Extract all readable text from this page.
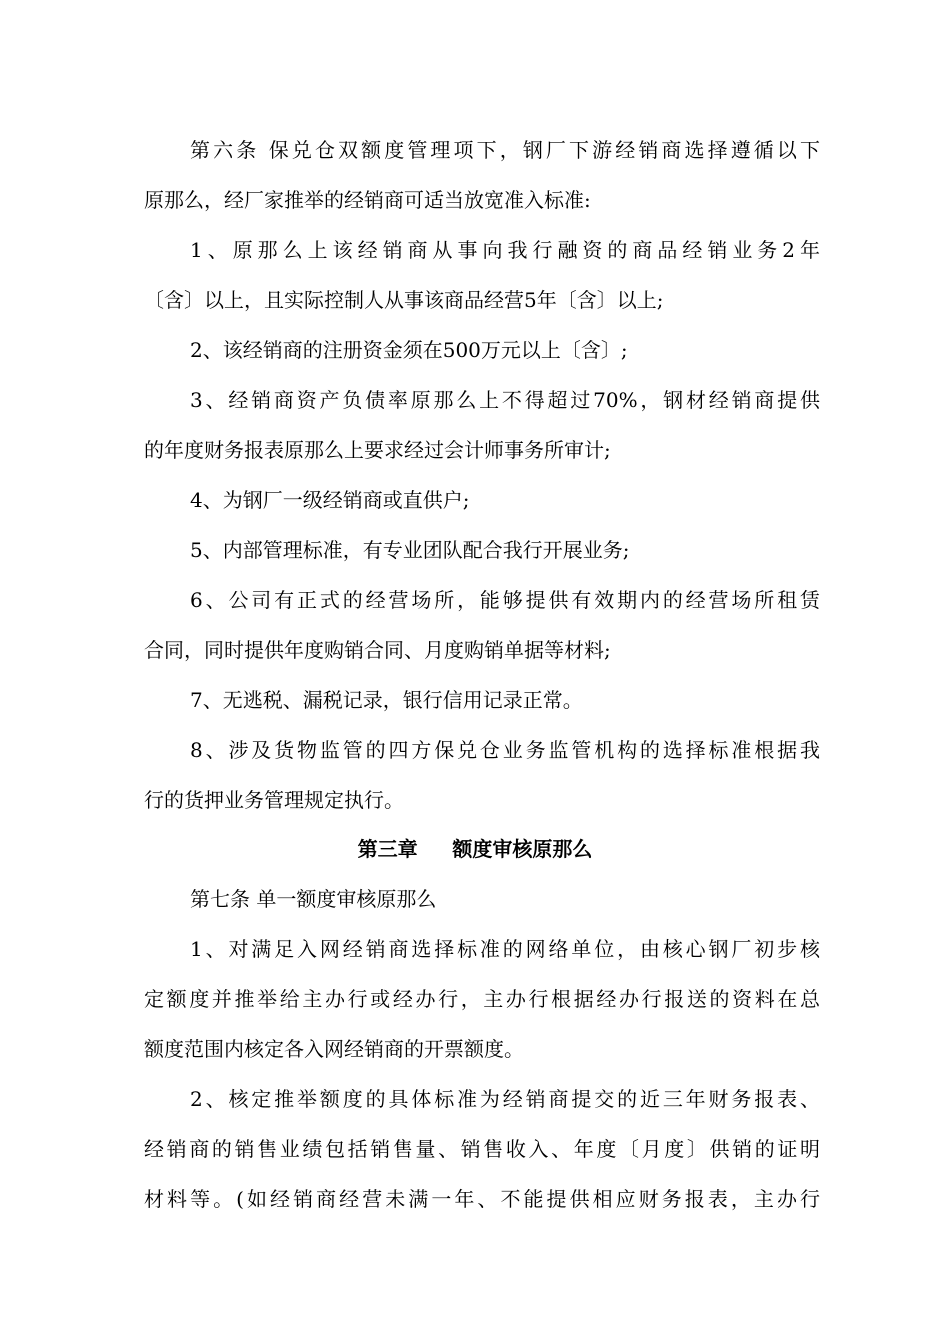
第六条 保兑仓双额度管理项下，钢厂下游经销商选择遵循以下
原那么，经厂家推举的经销商可适当放宽准入标准:
1、原那么上该经销商从事向我行融资的商品经销业务2年
〔含〕以上，且实际控制人从事该商品经营5年〔含〕以上;
2、该经销商的注册资金须在500万元以上〔含〕;
3、经销商资产负债率原那么上不得超过70%，钢材经销商提供
的年度财务报表原那么上要求经过会计师事务所审计;
4、为钢厂一级经销商或直供户;
5、内部管理标准，有专业团队配合我行开展业务;
6、公司有正式的经营场所，能够提供有效期内的经营场所租赁
合同，同时提供年度购销合同、月度购销单据等材料;
7、无逃税、漏税记录，银行信用记录正常。
8、涉及货物监管的四方保兑仓业务监管机构的选择标准根据我
行的货押业务管理规定执行。
第三章     额度审核原那么
第七条 单一额度审核原那么
1、对满足入网经销商选择标准的网络单位，由核心钢厂初步核
定额度并推举给主办行或经办行，主办行根据经办行报送的资料在总
额度范围内核定各入网经销商的开票额度。
2、核定推举额度的具体标准为经销商提交的近三年财务报表、
经销商的销售业绩包括销售量、销售收入、年度〔月度〕供销的证明
材料等。(如经销商经营未满一年、不能提供相应财务报表，主办行
